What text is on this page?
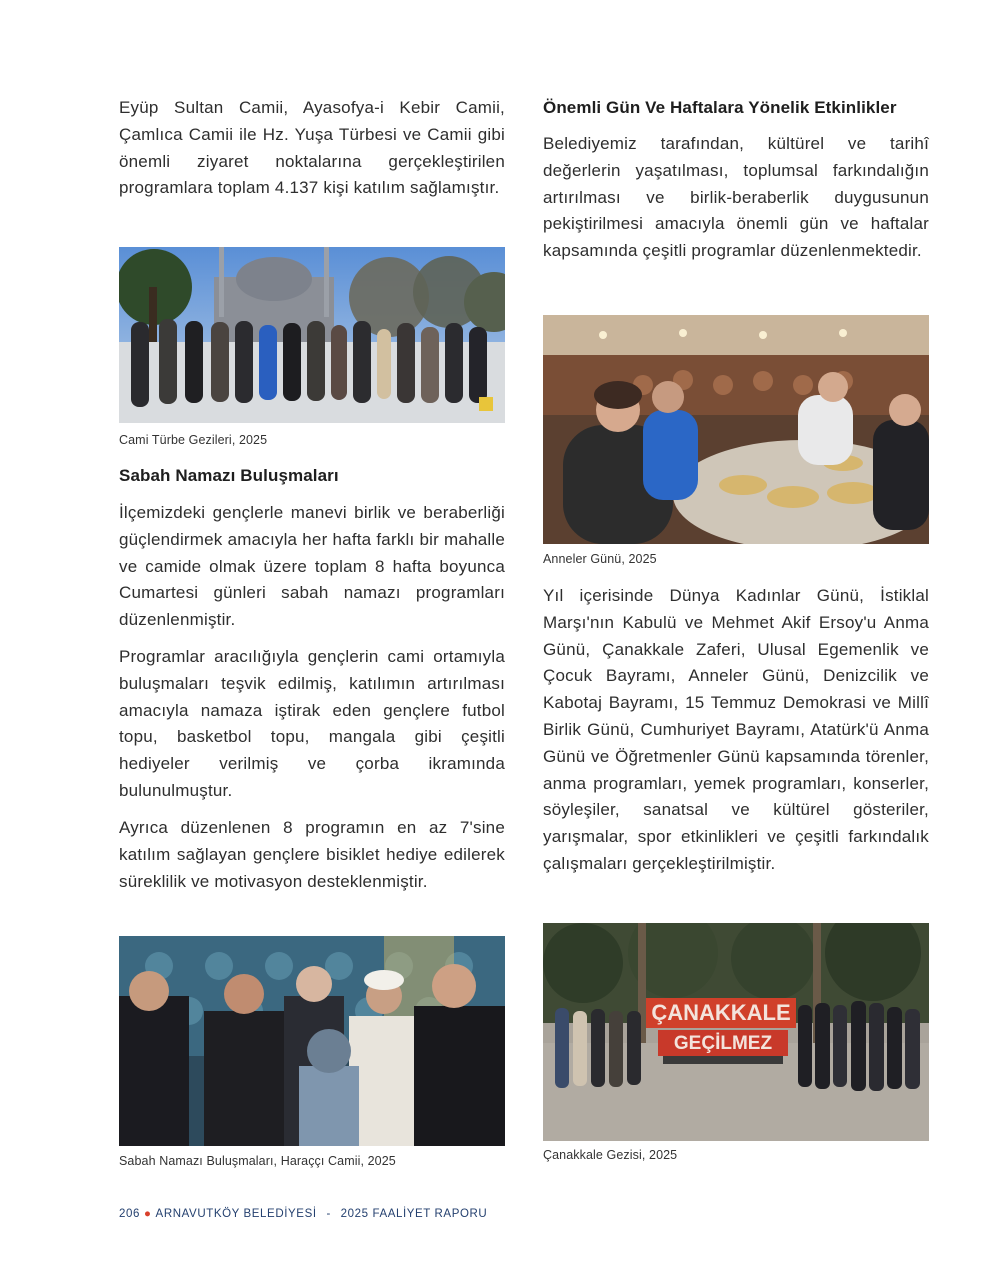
Eyüp Sultan Camii, Ayasofya-i Kebir Camii, Çamlıca Camii ile Hz. Yuşa Türbesi ve Camii gibi önemli ziyaret noktalarına gerçekleştirilen programlara toplam 4.137 kişi katılım sağlamıştır.

Cami Türbe Gezileri, 2025

Sabah Namazı Buluşmaları

İlçemizdeki gençlerle manevi birlik ve beraberliği güçlendirmek amacıyla her hafta farklı bir mahalle ve camide olmak üzere toplam 8 hafta boyunca Cumartesi günleri sabah namazı programları düzenlenmiştir.

Programlar aracılığıyla gençlerin cami ortamıyla buluşmaları teşvik edilmiş, katılımın artırılması amacıyla namaza iştirak eden gençlere futbol topu, basketbol topu, mangala gibi çeşitli hediyeler verilmiş ve çorba ikramında bulunulmuştur.

Ayrıca düzenlenen 8 programın en az 7'sine katılım sağlayan gençlere bisiklet hediye edilerek süreklilik ve motivasyon desteklenmiştir.

Sabah Namazı Buluşmaları, Haraççı Camii, 2025

Önemli Gün Ve Haftalara Yönelik Etkinlikler

Belediyemiz tarafından, kültürel ve tarihî değerlerin yaşatılması, toplumsal farkındalığın artırılması ve birlik-beraberlik duygusunun pekiştirilmesi amacıyla önemli gün ve haftalar kapsamında çeşitli programlar düzenlenmektedir.

Anneler Günü, 2025

Yıl içerisinde Dünya Kadınlar Günü, İstiklal Marşı'nın Kabulü ve Mehmet Akif Ersoy'u Anma Günü, Çanakkale Zaferi, Ulusal Egemenlik ve Çocuk Bayramı, Anneler Günü, Denizcilik ve Kabotaj Bayramı, 15 Temmuz Demokrasi ve Millî Birlik Günü, Cumhuriyet Bayramı, Atatürk'ü Anma Günü ve Öğretmenler Günü kapsamında törenler, anma programları, yemek programları, konserler, söyleşiler, sanatsal ve kültürel gösteriler, yarışmalar, spor etkinlikleri ve çeşitli farkındalık çalışmaları gerçekleştirilmiştir.

ÇANAKKALE
GEÇİLMEZ

Çanakkale Gezisi, 2025

206 ● ARNAVUTKÖY BELEDİYESİ - 2025 FAALİYET RAPORU
